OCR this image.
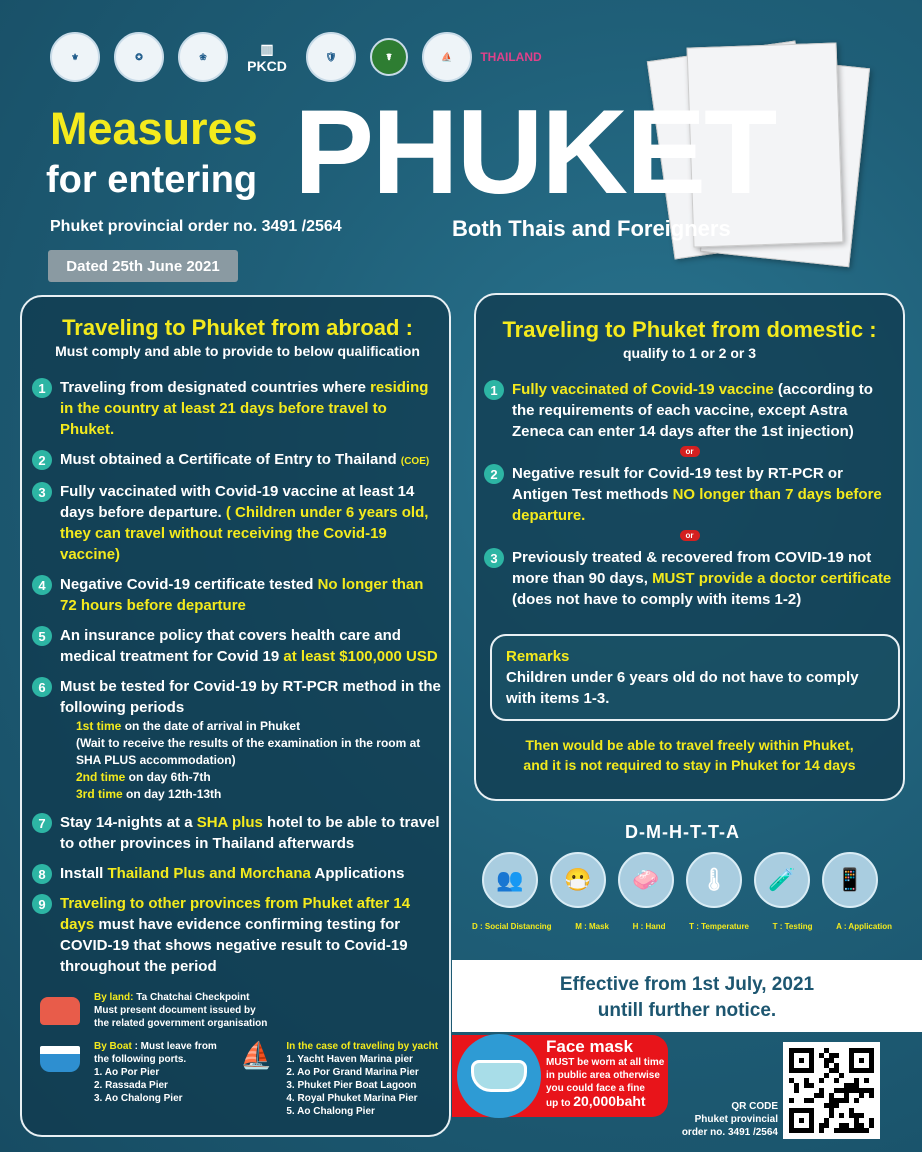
⚜	✪	❀	▥
PKCD
🛡	☤	⛵	THAILAND
Measures
for entering PHUKET
Phuket provincial order no. 3491 /2564	Both Thais and Foreigners
Dated 25th June 2021
Traveling to Phuket from abroad :
Must comply and able to provide to below qualification
1 Traveling from designated countries where residing in the country at least 21 days before travel to Phuket.
2 Must obtained a Certificate of Entry to Thailand (COE)
3 Fully vaccinated with Covid-19 vaccine at least 14 days before departure. ( Children under 6 years old, they can travel without receiving the Covid-19 vaccine)
4 Negative Covid-19 certificate tested No longer than 72 hours before departure
5 An insurance policy that covers health care and medical treatment for Covid 19 at least $100,000 USD
6 Must be tested for Covid-19 by RT-PCR method in the following periods
1st time on the date of arrival in Phuket
(Wait to receive the results of the examination in the room at SHA PLUS accommodation)
2nd time on day 6th-7th
3rd time on day 12th-13th
7 Stay 14-nights at a SHA plus hotel to be able to travel to other provinces in Thailand afterwards
8 Install Thailand Plus and Morchana Applications
9 Traveling to other provinces from Phuket after 14 days must have evidence confirming testing for COVID-19 that shows negative result to Covid-19 throughout the period
By land: Ta Chatchai Checkpoint
Must present document issued by
the related government organisation
By Boat : Must leave from
the following ports.
1. Ao Por Pier
2. Rassada Pier
3. Ao Chalong Pier
⛵ In the case of traveling by yacht
1. Yacht Haven Marina pier
2. Ao Por Grand Marina Pier
3. Phuket Pier Boat Lagoon
4. Royal Phuket Marina Pier
5. Ao Chalong Pier
Traveling to Phuket from domestic :
qualify to 1 or 2 or 3
1 Fully vaccinated of Covid-19 vaccine (according to the requirements of each vaccine, except Astra Zeneca can enter 14 days after the 1st injection)
or
2 Negative result for Covid-19 test by RT-PCR or Antigen Test methods NO longer than 7 days before departure.
or
3 Previously treated & recovered from COVID-19 not more than 90 days, MUST provide a doctor certificate (does not have to comply with items 1-2)
Remarks
Children under 6 years old do not have to comply with items 1-3.
Then would be able to travel freely within Phuket,
and it is not required to stay in Phuket for 14 days
D-M-H-T-T-A
👥	😷	🧼	🌡	🧪	📱
D : Social Distancing	M : Mask	H : Hand	T : Temperature	T : Testing	A : Application
Effective from 1st July, 2021
untill further notice.
Face mask
MUST be worn at all time
in public area otherwise
you could face a fine
up to 20,000baht	QR CODE
Phuket provincial
order no. 3491 /2564
